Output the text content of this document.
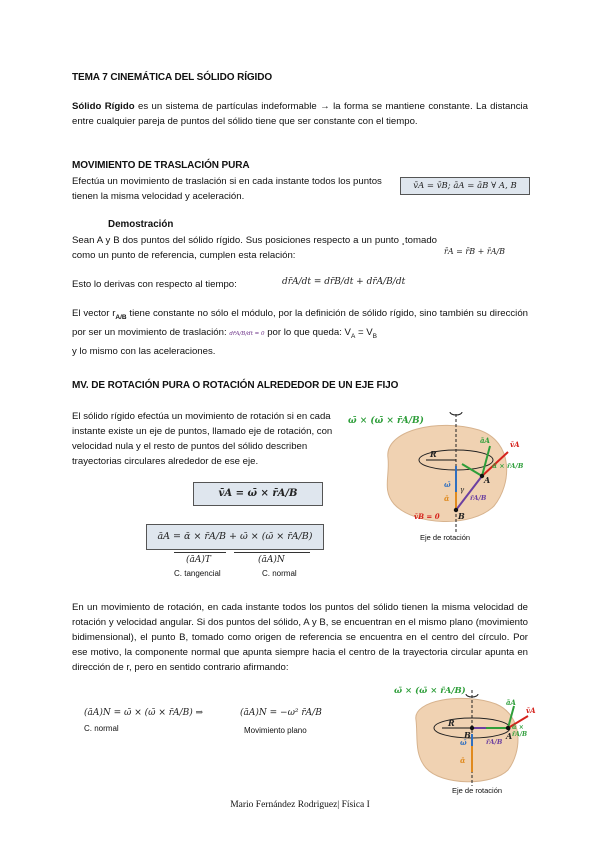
TEMA 7 CINEMÁTICA DEL SÓLIDO RÍGIDO

Sólido Rígido es un sistema de partículas indeformable → la forma se mantiene constante. La distancia entre cualquier pareja de puntos del sólido tiene que ser constante con el tiempo.

MOVIMIENTO DE TRASLACIÓN PURA

Efectúa un movimiento de traslación si en cada instante todos los puntos tienen la misma velocidad y aceleración.

v̄A = v̄B; āA = āB ∀ A, B
Demostración

Sean A y B dos puntos del sólido rígido. Sus posiciones respecto a un punto ¸tomado como un punto de referencia, cumplen esta relación:	r̄A = r̄B + r̄A/B
Esto lo derivas con respecto al tiempo:	dr̄A/dt = dr̄B/dt + dr̄A/B/dt

El vector $r_{A/B}$ tiene constante no sólo el módulo, por la definición de sólido rígido, sino también su dirección por ser un movimiento de traslación: dr̄A/B/dt = 0 por lo que queda: $V_A = V_B$
y lo mismo con las aceleraciones.

MV. DE ROTACIÓN PURA O ROTACIÓN ALREDEDOR DE UN EJE FIJO

El sólido rígido efectúa un movimiento de rotación si en cada instante existe un eje de puntos, llamado eje de rotación, con velocidad nula y el resto de puntos del sólido describen trayectorias circulares alrededor de ese eje.

v̄A = ω̄ × r̄A/B
āA = ᾱ × r̄A/B + ω̄ × (ω̄ × r̄A/B)
(āA)T	(āA)N
C. tangencial	C. normal
ω̄ × (ω̄ × r̄A/B)
R
A
B
v̄A
āA
r̄A/B
ᾱ × r̄A/B
ω̄
ᾱ
γ
v̄B = 0̄
Eje de rotación

En un movimiento de rotación, en cada instante todos los puntos del sólido tienen la misma velocidad de rotación y velocidad angular. Si dos puntos del sólido, A y B, se encuentran en el mismo plano (movimiento bidimensional), el punto B, tomado como origen de referencia se encuentra en el centro del círculo. Por ese motivo, la componente normal que apunta siempre hacia el centro de la trayectoria circular apunta en dirección de r, pero en sentido contrario afirmando:

(āA)N = ω̄ × (ω̄ × r̄A/B) ⇒	(āA)N = −ω² r̄A/B
C. normal	Movimiento plano
ω̄ × (ω̄ × r̄A/B)
R
B	A
v̄A
āA
r̄A/B
ᾱ × r̄A/B
ω̄
ᾱ
Eje de rotación
Mario Fernández Rodriguez| Física I
